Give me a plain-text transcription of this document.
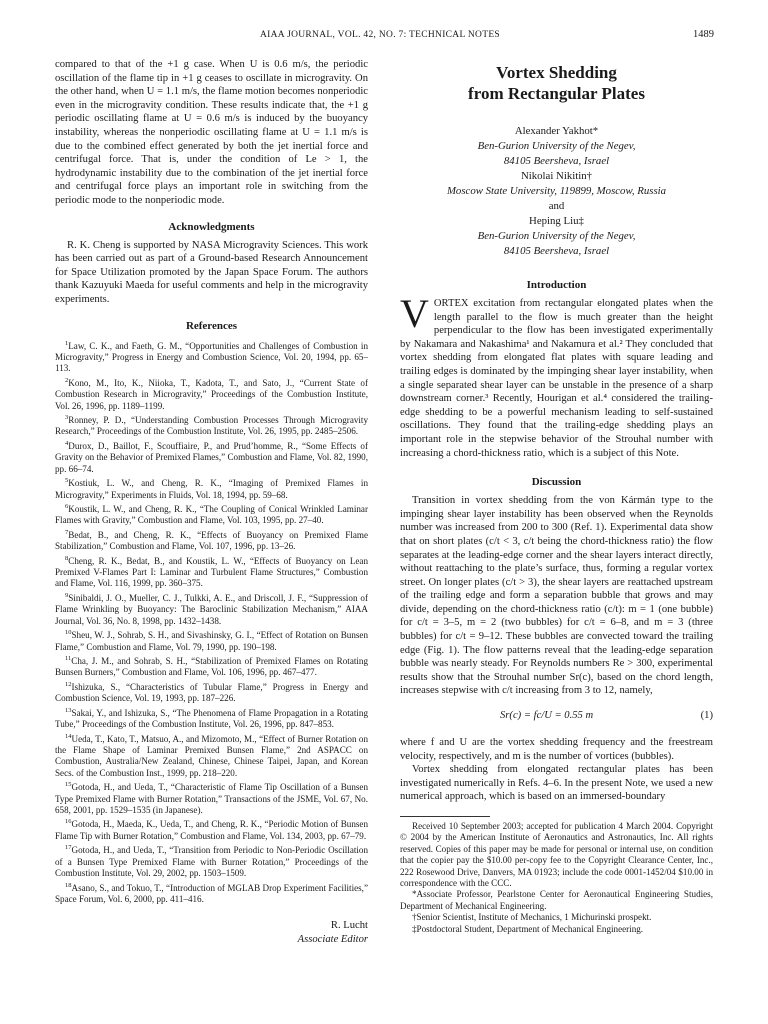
AIAA JOURNAL, VOL. 42, NO. 7: TECHNICAL NOTES	1489

compared to that of the +1 g case. When U is 0.6 m/s, the periodic oscillation of the flame tip in +1 g ceases to oscillate in microgravity. On the other hand, when U = 1.1 m/s, the flame motion becomes nonperiodic even in the microgravity condition. These results indicate that, the +1 g periodic oscillating flame at U = 0.6 m/s is induced by the buoyancy instability, whereas the nonperiodic oscillating flame at U = 1.1 m/s is due to the combined effect generated by both the jet inertial force and centrifugal force. That is, under the condition of Le > 1, the hydrodynamic instability due to the combination of the jet inertial force and centrifugal force plays an important role in switching from the periodic mode to the nonperiodic mode.

Acknowledgments

R. K. Cheng is supported by NASA Microgravity Sciences. This work has been carried out as part of a Ground-based Research Announcement for Space Utilization promoted by the Japan Space Forum. The authors thank Kazuyuki Maeda for useful comments and help in the microgravity experiments.

References
$^1$Law, C. K., and Faeth, G. M., “Opportunities and Challenges of Combustion in Microgravity,” Progress in Energy and Combustion Science, Vol. 20, 1994, pp. 65–113.
$^2$Kono, M., Ito, K., Niioka, T., Kadota, T., and Sato, J., “Current State of Combustion Research in Microgravity,” Proceedings of the Combustion Institute, Vol. 26, 1996, pp. 1189–1199.
$^3$Ronney, P. D., “Understanding Combustion Processes Through Microgravity Research,” Proceedings of the Combustion Institute, Vol. 26, 1995, pp. 2485–2506.
$^4$Durox, D., Baillot, F., Scouffiaire, P., and Prud’homme, R., “Some Effects of Gravity on the Behavior of Premixed Flames,” Combustion and Flame, Vol. 82, 1990, pp. 66–74.
$^5$Kostiuk, L. W., and Cheng, R. K., “Imaging of Premixed Flames in Microgravity,” Experiments in Fluids, Vol. 18, 1994, pp. 59–68.
$^6$Koustik, L. W., and Cheng, R. K., “The Coupling of Conical Wrinkled Laminar Flames with Gravity,” Combustion and Flame, Vol. 103, 1995, pp. 27–40.
$^7$Bedat, B., and Cheng, R. K., “Effects of Buoyancy on Premixed Flame Stabilization,” Combustion and Flame, Vol. 107, 1996, pp. 13–26.
$^8$Cheng, R. K., Bedat, B., and Koustik, L. W., “Effects of Buoyancy on Lean Premixed V-Flames Part I: Laminar and Turbulent Flame Structures,” Combustion and Flame, Vol. 116, 1999, pp. 360–375.
$^9$Sinibaldi, J. O., Mueller, C. J., Tulkki, A. E., and Driscoll, J. F., “Suppression of Flame Wrinkling by Buoyancy: The Baroclinic Stabilization Mechanism,” AIAA Journal, Vol. 36, No. 8, 1998, pp. 1432–1438.
$^{10}$Sheu, W. J., Sohrab, S. H., and Sivashinsky, G. I., “Effect of Rotation on Bunsen Flame,” Combustion and Flame, Vol. 79, 1990, pp. 190–198.
$^{11}$Cha, J. M., and Sohrab, S. H., “Stabilization of Premixed Flames on Rotating Bunsen Burners,” Combustion and Flame, Vol. 106, 1996, pp. 467–477.
$^{12}$Ishizuka, S., “Characteristics of Tubular Flame,” Progress in Energy and Combustion Science, Vol. 19, 1993, pp. 187–226.
$^{13}$Sakai, Y., and Ishizuka, S., “The Phenomena of Flame Propagation in a Rotating Tube,” Proceedings of the Combustion Institute, Vol. 26, 1996, pp. 847–853.
$^{14}$Ueda, T., Kato, T., Matsuo, A., and Mizomoto, M., “Effect of Burner Rotation on the Flame Shape of Laminar Premixed Bunsen Flame,” 2nd ASPACC on Combustion, Australia/New Zealand, Chinese, Chinese Taipei, Japan, and Korean Secs. of the Combustion Inst., 1999, pp. 218–220.
$^{15}$Gotoda, H., and Ueda, T., “Characteristic of Flame Tip Oscillation of a Bunsen Type Premixed Flame with Burner Rotation,” Transactions of the JSME, Vol. 67, No. 658, 2001, pp. 1529–1535 (in Japanese).
$^{16}$Gotoda, H., Maeda, K., Ueda, T., and Cheng, R. K., “Periodic Motion of Bunsen Flame Tip with Burner Rotation,” Combustion and Flame, Vol. 134, 2003, pp. 67–79.
$^{17}$Gotoda, H., and Ueda, T., “Transition from Periodic to Non-Periodic Oscillation of a Bunsen Type Premixed Flame with Burner Rotation,” Proceedings of the Combustion Institute, Vol. 29, 2002, pp. 1503–1509.
$^{18}$Asano, S., and Tokuo, T., “Introduction of MGLAB Drop Experiment Facilities,” Space Forum, Vol. 6, 2000, pp. 411–416.
R. Lucht
Associate Editor
Vortex Shedding
from Rectangular Plates
Alexander Yakhot*
Ben-Gurion University of the Negev,
84105 Beersheva, Israel
Nikolai Nikitin†
Moscow State University, 119899, Moscow, Russia
and
Heping Liu‡
Ben-Gurion University of the Negev,
84105 Beersheva, Israel
Introduction

VORTEX excitation from rectangular elongated plates when the length parallel to the flow is much greater than the height perpendicular to the flow has been investigated experimentally by Nakamara and Nakashima¹ and Nakamura et al.² They concluded that vortex shedding from elongated flat plates with square leading and trailing edges is dominated by the impinging shear layer instability, when a single separated shear layer can be unstable in the presence of a sharp downstream corner.³ Recently, Hourigan et al.⁴ considered the trailing-edge shedding to be a powerful mechanism leading to self-sustained oscillations. They found that the trailing-edge shedding plays an important role in the stepwise behavior of the Strouhal number with increasing a chord-thickness ratio, which is a subject of this Note.

Discussion

Transition in vortex shedding from the von Kármán type to the impinging shear layer instability has been observed when the Reynolds number was increased from 200 to 300 (Ref. 1). Experimental data show that on short plates (c/t < 3, c/t being the chord-thickness ratio) the flow separates at the leading-edge corner and the shear layers interact directly, without reattaching to the plate’s surface, thus, forming a regular vortex street. On longer plates (c/t > 3), the shear layers are reattached upstream of the trailing edge and form a separation bubble that grows and may divide, depending on the chord-thickness ratio (c/t): m = 1 (one bubble) for c/t = 3–5, m = 2 (two bubbles) for c/t = 6–8, and m = 3 (three bubbles) for c/t = 9–12. These bubbles are convected toward the trailing edge (Fig. 1). The flow patterns reveal that the leading-edge separation bubble was nearly steady. For Reynolds numbers Re > 300, experimental results show that the Strouhal number Sr(c), based on the chord length, increases stepwise with c/t increasing from 3 to 12, namely,

Sr(c) = fc/U = 0.55 m	(1)

where f and U are the vortex shedding frequency and the freestream velocity, respectively, and m is the number of vortices (bubbles).

Vortex shedding from elongated rectangular plates has been investigated numerically in Refs. 4–6. In the present Note, we used a new numerical approach, which is based on an immersed-boundary

Received 10 September 2003; accepted for publication 4 March 2004. Copyright © 2004 by the American Institute of Aeronautics and Astronautics, Inc. All rights reserved. Copies of this paper may be made for personal or internal use, on condition that the copier pay the $10.00 per-copy fee to the Copyright Clearance Center, Inc., 222 Rosewood Drive, Danvers, MA 01923; include the code 0001-1452/04 $10.00 in correspondence with the CCC.
*Associate Professor, Pearlstone Center for Aeronautical Engineering Studies, Department of Mechanical Engineering.
†Senior Scientist, Institute of Mechanics, 1 Michurinski prospekt.
‡Postdoctoral Student, Department of Mechanical Engineering.
